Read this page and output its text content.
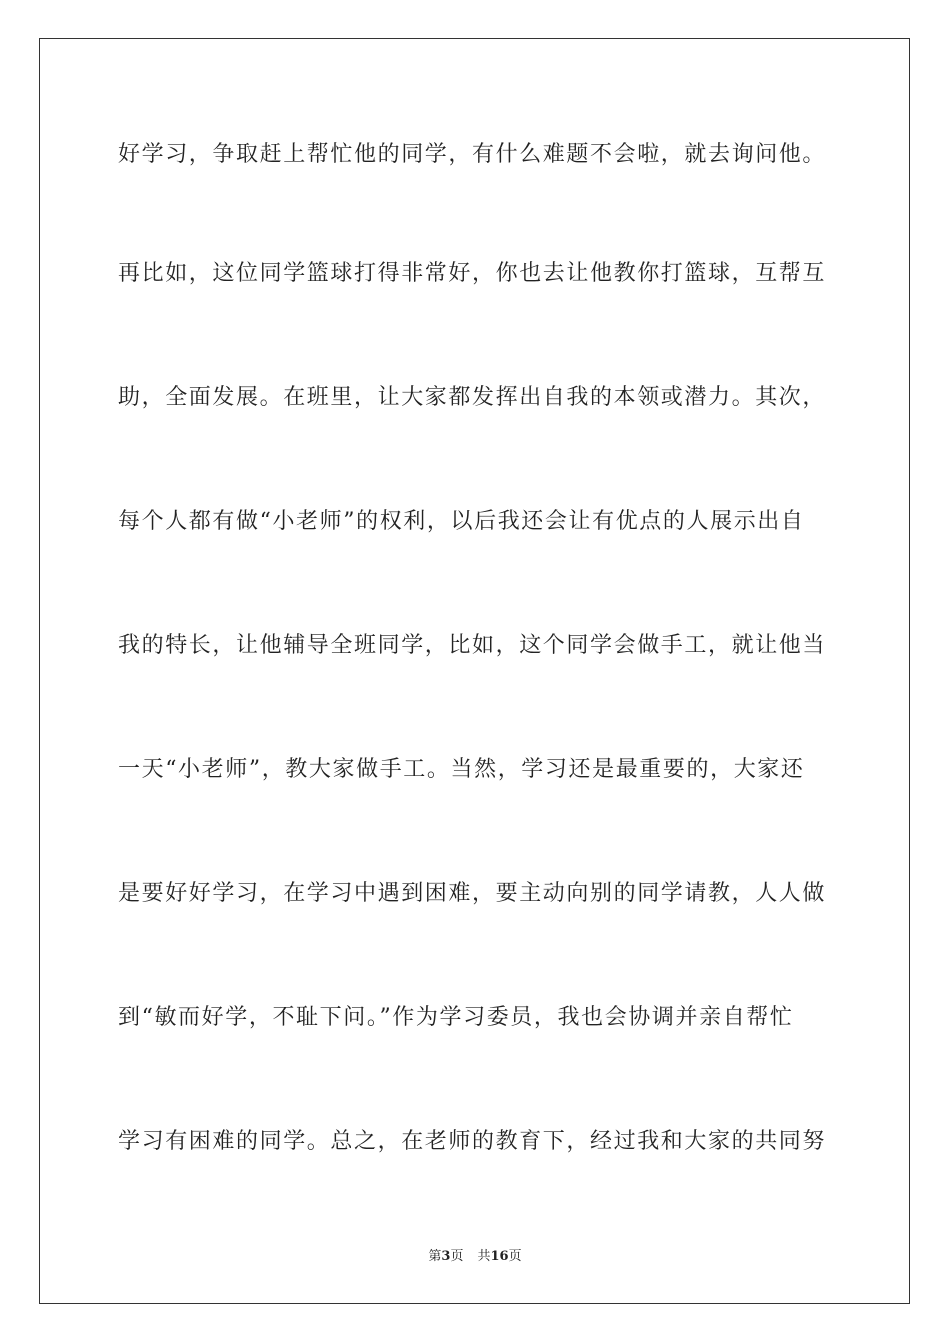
好学习，争取赶上帮忙他的同学，有什么难题不会啦，就去询问他。
再比如，这位同学篮球打得非常好，你也去让他教你打篮球，互帮互
助，全面发展。在班里，让大家都发挥出自我的本领或潜力。其次，
每个人都有做“小老师”的权利，以后我还会让有优点的人展示出自
我的特长，让他辅导全班同学，比如，这个同学会做手工，就让他当
一天“小老师”，教大家做手工。当然，学习还是最重要的，大家还
是要好好学习，在学习中遇到困难，要主动向别的同学请教，人人做
到“敏而好学，不耻下问。”作为学习委员，我也会协调并亲自帮忙
学习有困难的同学。总之，在老师的教育下，经过我和大家的共同努
第3页 共16页
